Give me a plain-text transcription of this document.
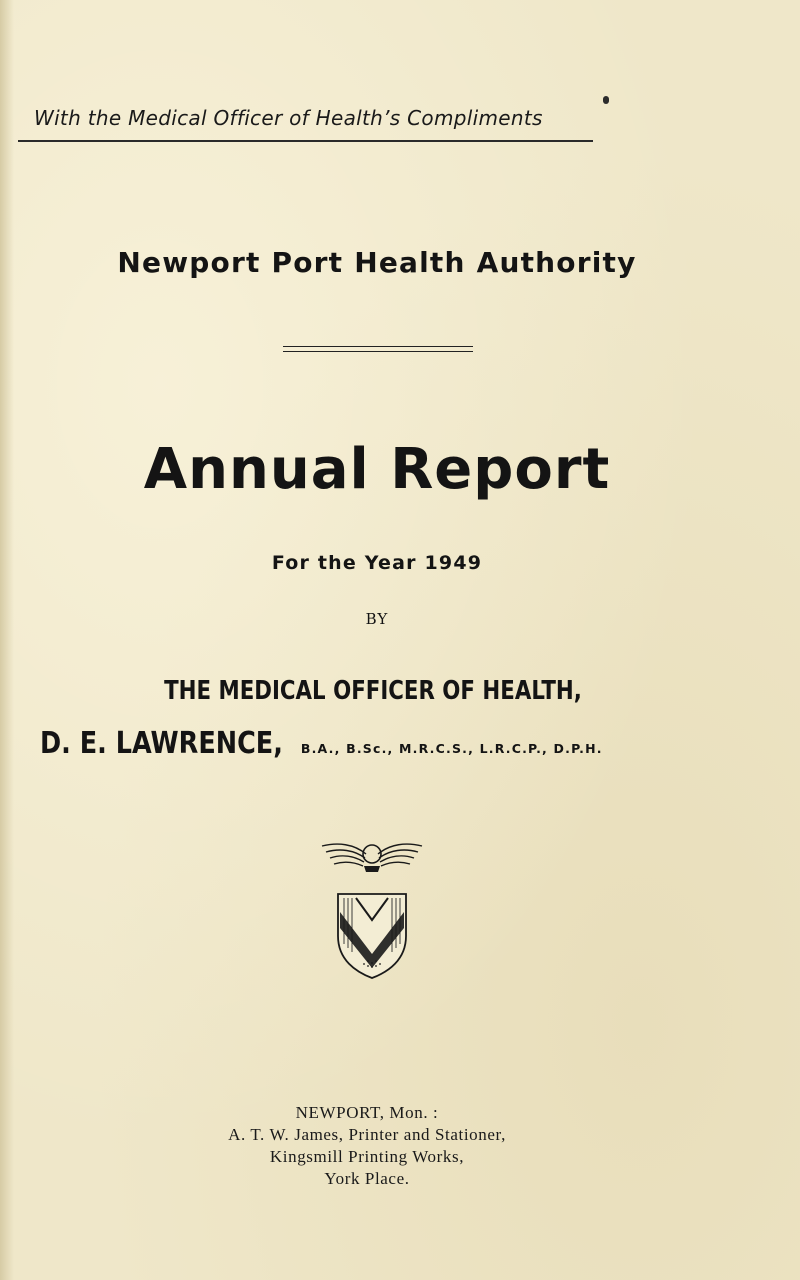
With the Medical Officer of Health’s Compliments
Newport Port Health Authority
Annual Report
For the Year 1949
BY
THE MEDICAL OFFICER OF HEALTH,
D. E. LAWRENCE, B.A., B.Sc., M.R.C.S., L.R.C.P., D.P.H.
NEWPORT, Mon. :
A. T. W. James, Printer and Stationer,
Kingsmill Printing Works,
York Place.
